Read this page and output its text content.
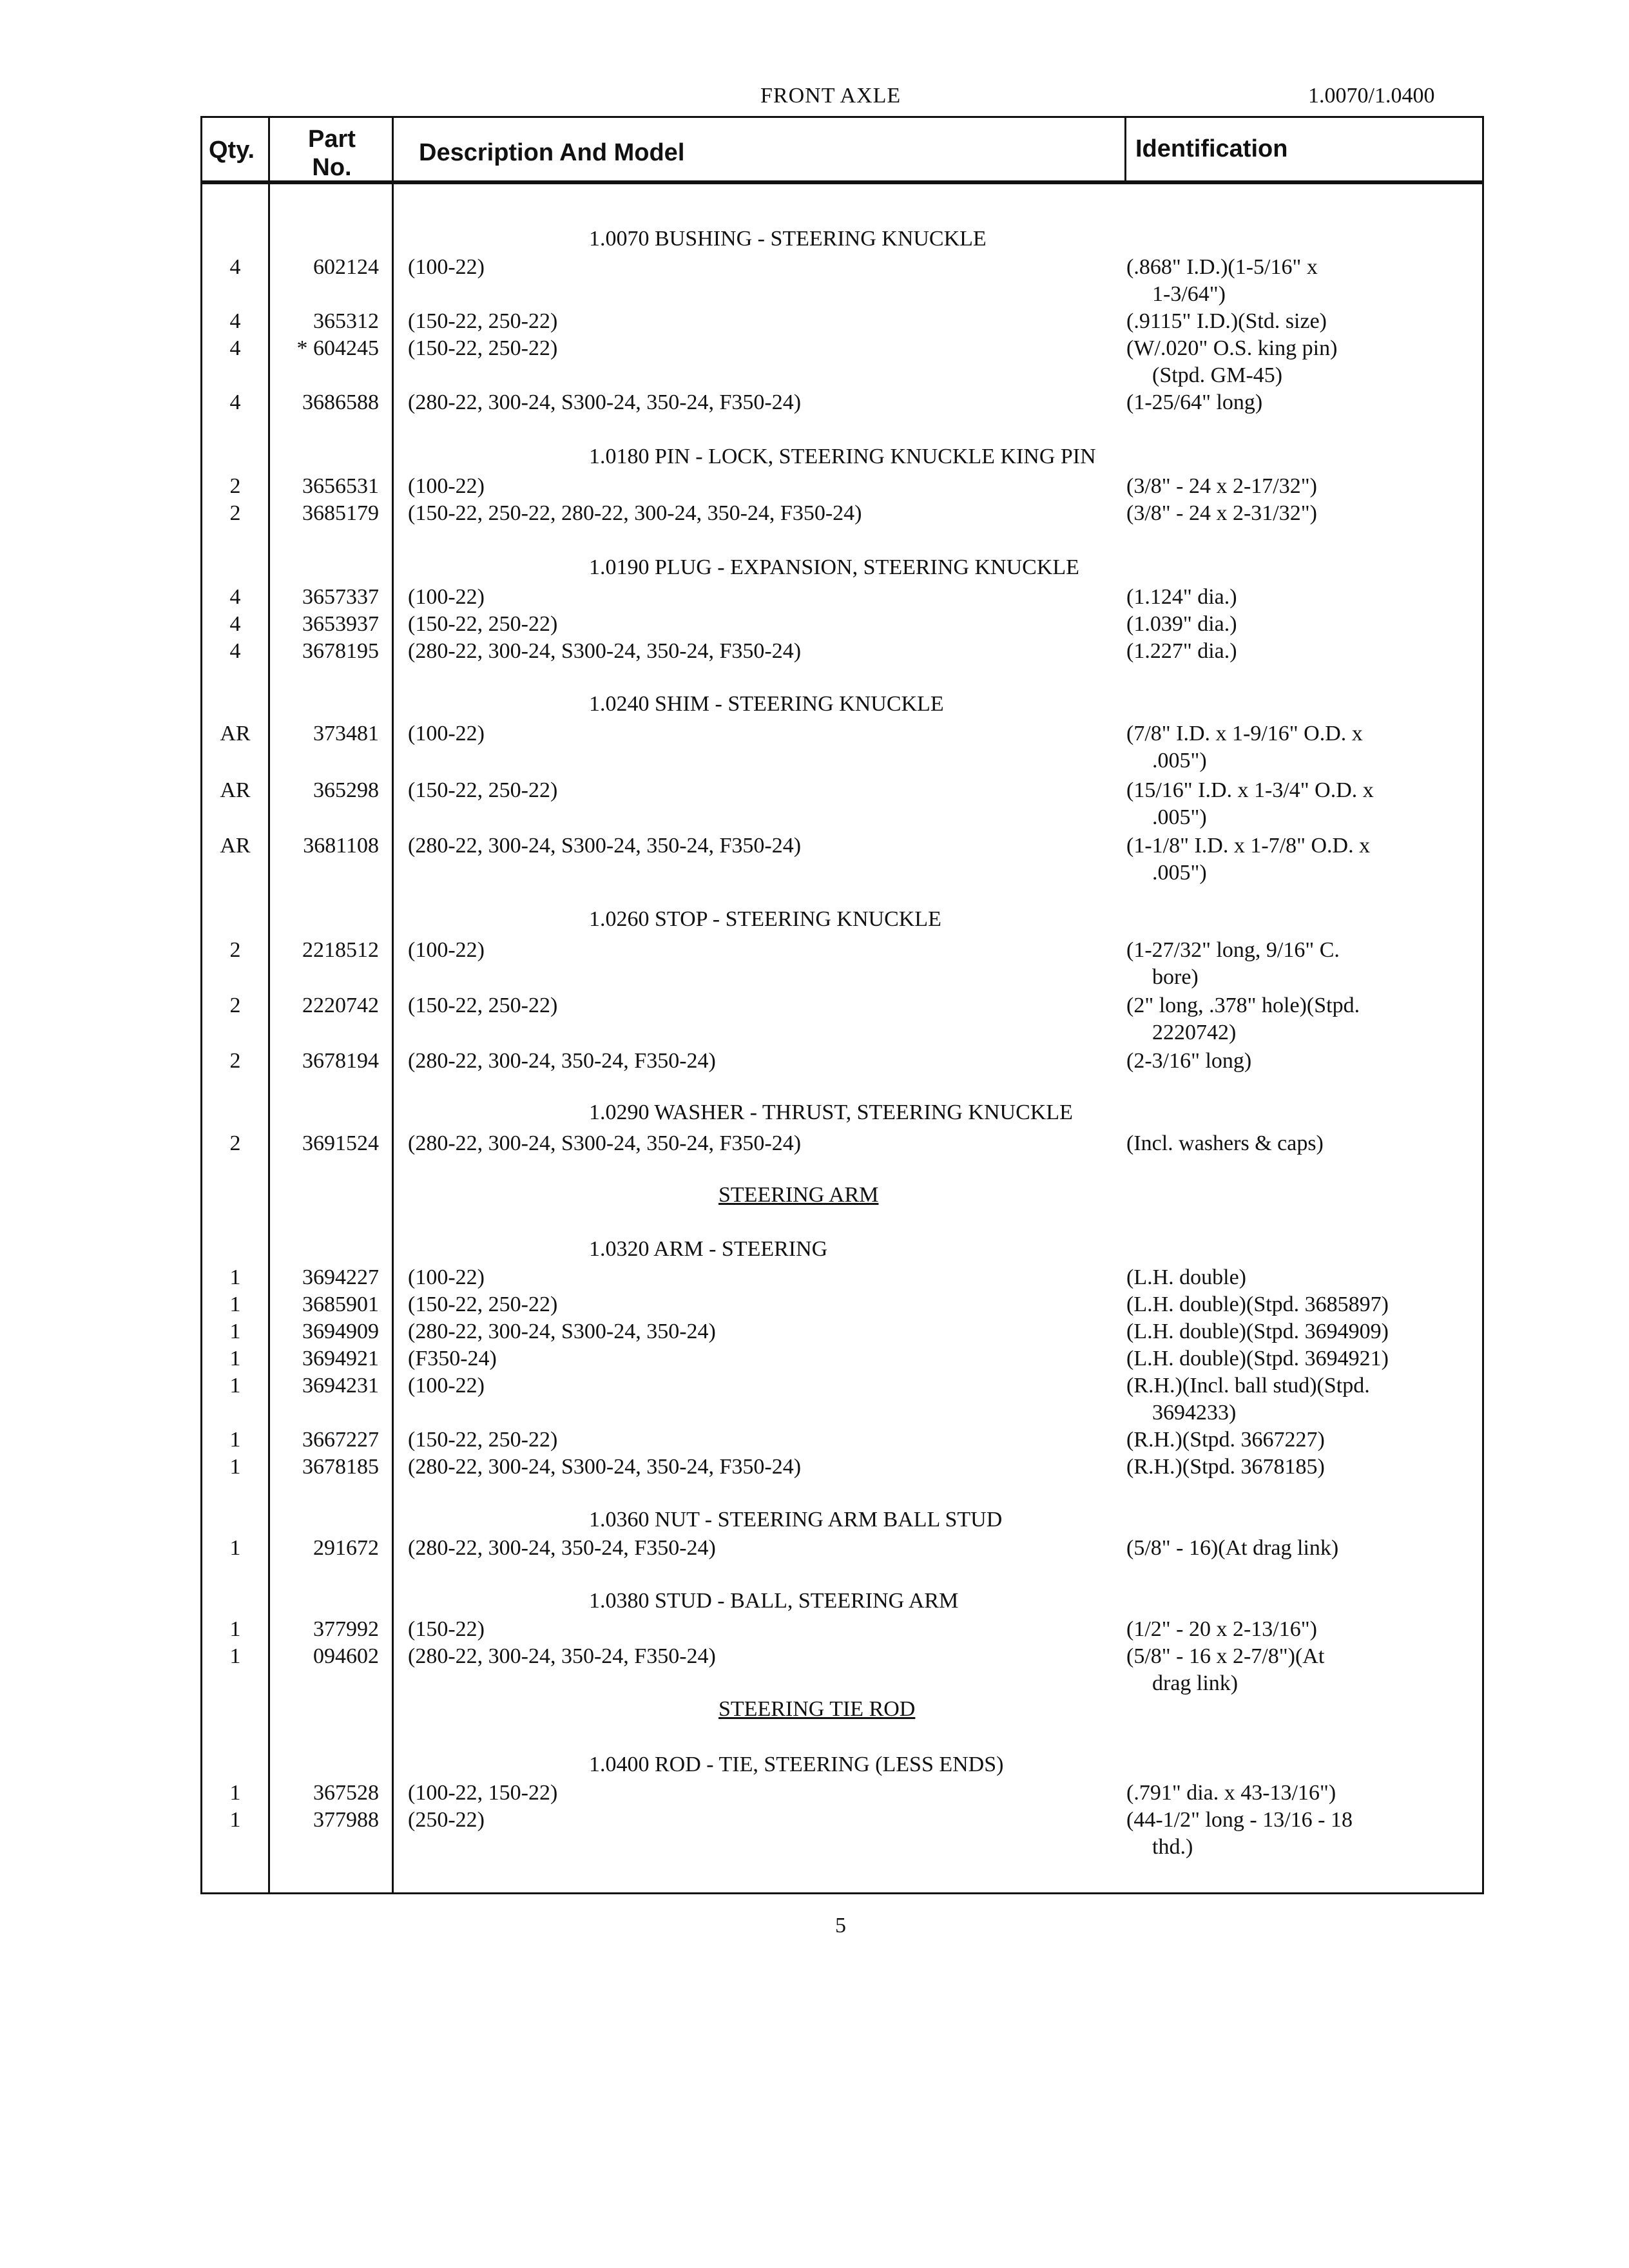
FRONT AXLE	1.0070/1.0400
Qty.	Part
No.
Description And Model	Identification
1.0070 BUSHING - STEERING KNUCKLE
4	602124 (100-22)	(.868" I.D.)(1-5/16" x
1-3/64")
4	365312 (150-22, 250-22)	(.9115" I.D.)(Std. size)
4	* 604245 (150-22, 250-22)	(W/.020" O.S. king pin)
(Stpd. GM-45)
4	3686588 (280-22, 300-24, S300-24, 350-24, F350-24)	(1-25/64" long)
1.0180 PIN - LOCK, STEERING KNUCKLE KING PIN
2	3656531 (100-22)	(3/8" - 24 x 2-17/32")
2	3685179 (150-22, 250-22, 280-22, 300-24, 350-24, F350-24)	(3/8" - 24 x 2-31/32")
1.0190 PLUG - EXPANSION, STEERING KNUCKLE
4	3657337 (100-22)	(1.124" dia.)
4	3653937 (150-22, 250-22)	(1.039" dia.)
4	3678195 (280-22, 300-24, S300-24, 350-24, F350-24)	(1.227" dia.)
1.0240 SHIM - STEERING KNUCKLE
AR	373481 (100-22)	(7/8" I.D. x 1-9/16" O.D. x
.005")
AR	365298 (150-22, 250-22)	(15/16" I.D. x 1-3/4" O.D. x
.005")
AR	3681108 (280-22, 300-24, S300-24, 350-24, F350-24)	(1-1/8" I.D. x 1-7/8" O.D. x
.005")
1.0260 STOP - STEERING KNUCKLE
2	2218512 (100-22)	(1-27/32" long, 9/16" C.
bore)
2	2220742 (150-22, 250-22)	(2" long, .378" hole)(Stpd.
2220742)
2	3678194 (280-22, 300-24, 350-24, F350-24)	(2-3/16" long)
1.0290 WASHER - THRUST, STEERING KNUCKLE
2	3691524 (280-22, 300-24, S300-24, 350-24, F350-24)	(Incl. washers & caps)
STEERING ARM
1.0320 ARM - STEERING
1	3694227 (100-22)	(L.H. double)
1	3685901 (150-22, 250-22)	(L.H. double)(Stpd. 3685897)
1	3694909 (280-22, 300-24, S300-24, 350-24)	(L.H. double)(Stpd. 3694909)
1	3694921 (F350-24)	(L.H. double)(Stpd. 3694921)
1	3694231 (100-22)	(R.H.)(Incl. ball stud)(Stpd.
3694233)
1	3667227 (150-22, 250-22)	(R.H.)(Stpd. 3667227)
1	3678185 (280-22, 300-24, S300-24, 350-24, F350-24)	(R.H.)(Stpd. 3678185)
1.0360 NUT - STEERING ARM BALL STUD
1	291672 (280-22, 300-24, 350-24, F350-24)	(5/8" - 16)(At drag link)
1.0380 STUD - BALL, STEERING ARM
1	377992 (150-22)	(1/2" - 20 x 2-13/16")
1	094602 (280-22, 300-24, 350-24, F350-24)	(5/8" - 16 x 2-7/8")(At
drag link)
STEERING TIE ROD
1.0400 ROD - TIE, STEERING (LESS ENDS)
1	367528 (100-22, 150-22)	(.791" dia. x 43-13/16")
1	377988 (250-22)	(44-1/2" long - 13/16 - 18
thd.)
5
